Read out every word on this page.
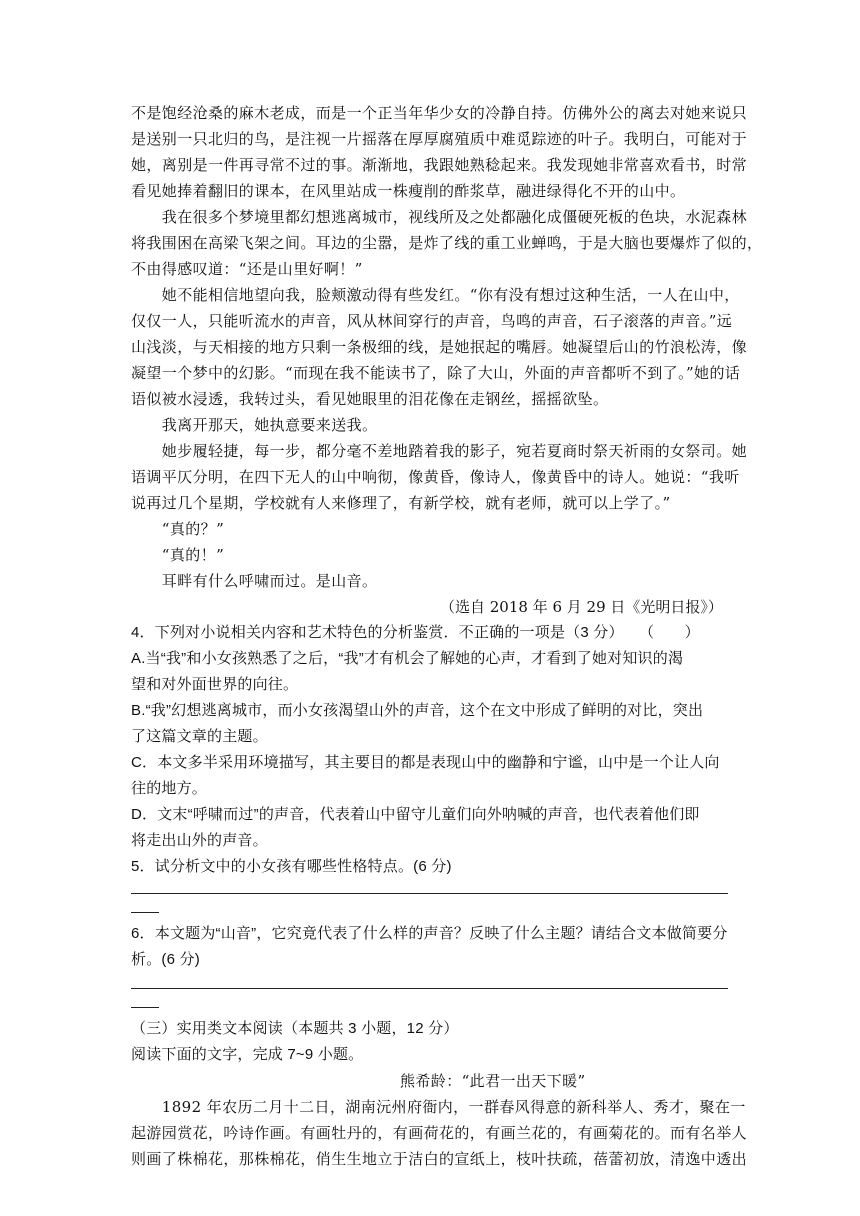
不是饱经沧桑的麻木老成，而是一个正当年华少女的冷静自持。仿佛外公的离去对她来说只
是送别一只北归的鸟，是注视一片摇落在厚厚腐殖质中难觅踪迹的叶子。我明白，可能对于
她，离别是一件再寻常不过的事。渐渐地，我跟她熟稔起来。我发现她非常喜欢看书，时常
看见她捧着翻旧的课本，在风里站成一株瘦削的酢浆草，融进绿得化不开的山中。
　　我在很多个梦境里都幻想逃离城市，视线所及之处都融化成僵硬死板的色块，水泥森林
将我围困在高梁飞架之间。耳边的尘嚣，是炸了线的重工业蝉鸣，于是大脑也要爆炸了似的，
不由得感叹道：“还是山里好啊！”
　　她不能相信地望向我，脸颊激动得有些发红。“你有没有想过这种生活，一人在山中，
仅仅一人，只能听流水的声音，风从林间穿行的声音，鸟鸣的声音，石子滚落的声音。”远
山浅淡，与天相接的地方只剩一条极细的线，是她抿起的嘴唇。她凝望后山的竹浪松涛，像
凝望一个梦中的幻影。“而现在我不能读书了，除了大山，外面的声音都听不到了。”她的话
语似被水浸透，我转过头，看见她眼里的泪花像在走钢丝，摇摇欲坠。
　　我离开那天，她执意要来送我。
　　她步履轻捷，每一步，都分毫不差地踏着我的影子，宛若夏商时祭天祈雨的女祭司。她
语调平仄分明，在四下无人的山中响彻，像黄昏，像诗人，像黄昏中的诗人。她说：“我听
说再过几个星期，学校就有人来修理了，有新学校，就有老师，就可以上学了。”
　　“真的？”
　　“真的！”
　　耳畔有什么呼啸而过。是山音。
（选自 2018 年 6 月 29 日《光明日报》）
4．下列对小说相关内容和艺术特色的分析鉴赏．不正确的一项是（3 分）　　（　　）
A.当“我”和小女孩熟悉了之后，“我”才有机会了解她的心声，才看到了她对知识的渴
望和对外面世界的向往。
B.“我”幻想逃离城市，而小女孩渴望山外的声音，这个在文中形成了鲜明的对比，突出
了这篇文章的主题。
C．本文多半采用环境描写，其主要目的都是表现山中的幽静和宁谧，山中是一个让人向
往的地方。
D．文末“呼啸而过”的声音，代表着山中留守儿童们向外呐喊的声音，也代表着他们即
将走出山外的声音。
5．试分析文中的小女孩有哪些性格特点。(6 分)
6．本文题为“山音”，它究竟代表了什么样的声音？反映了什么主题？请结合文本做简要分
析。(6 分)
（三）实用类文本阅读（本题共 3 小题，12 分）
阅读下面的文字，完成 7~9 小题。
熊希龄：“此君一出天下暖”
　　1892 年农历二月十二日，湖南沅州府衙内，一群春风得意的新科举人、秀才，聚在一
起游园赏花，吟诗作画。有画牡丹的，有画荷花的，有画兰花的，有画菊花的。而有名举人
则画了株棉花，那株棉花，俏生生地立于洁白的宣纸上，枝叶扶疏，蓓蕾初放，清逸中透出
